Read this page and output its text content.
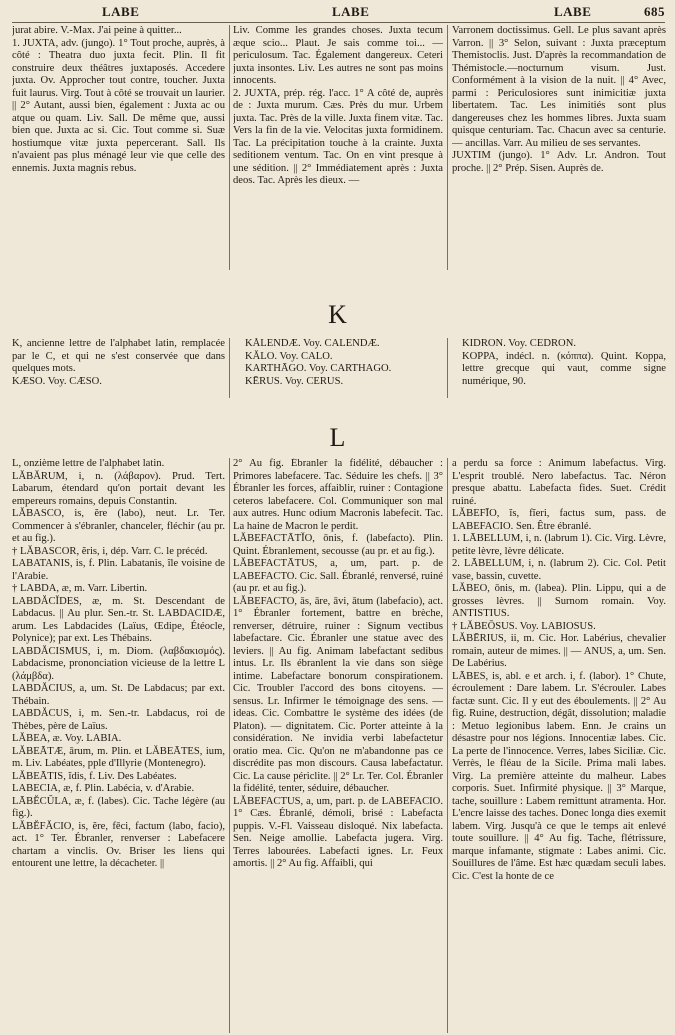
LABE	LABE	LABE	685

jurat abire. V.-Max. J'ai peine à quitter...

1. JUXTA, adv. (jungo). 1° Tout proche, auprès, à côté : Theatra duo juxta fecit. Plin. Il fit construire deux théâtres juxtaposés. Accedere juxta. Ov. Approcher tout contre, toucher. Juxta fuit laurus. Virg. Tout à côté se trouvait un laurier. || 2° Autant, aussi bien, également : Juxta ac ou atque ou quam. Liv. Sall. De même que, aussi bien que. Juxta ac si. Cic. Tout comme si. Suæ hostiumque vitæ juxta pepercerant. Sall. Ils n'avaient pas plus ménagé leur vie que celle des ennemis. Juxta magnis rebus.

Liv. Comme les grandes choses. Juxta tecum æque scio... Plaut. Je sais comme toi... — periculosum. Tac. Également dangereux. Ceteri juxta insontes. Liv. Les autres ne sont pas moins innocents.

2. JUXTA, prép. rég. l'acc. 1° A côté de, auprès de : Juxta murum. Cæs. Près du mur. Urbem juxta. Tac. Près de la ville. Juxta finem vitæ. Tac. Vers la fin de la vie. Velocitas juxta formidinem. Tac. La précipitation touche à la crainte. Juxta seditionem ventum. Tac. On en vint presque à une sédition. || 2° Immédiatement après : Juxta deos. Tac. Après les dieux. —

Varronem doctissimus. Gell. Le plus savant après Varron. || 3° Selon, suivant : Juxta præceptum Themistoclis. Just. D'après la recommandation de Thémistocle.—nocturnum visum. Just. Conformément à la vision de la nuit. || 4° Avec, parmi : Periculosiores sunt inimicitiæ juxta libertatem. Tac. Les inimitiés sont plus dangereuses chez les hommes libres. Juxta suam quisque centuriam. Tac. Chacun avec sa centurie. — ancillas. Varr. Au milieu de ses servantes.

JUXTIM (jungo). 1° Adv. Lr. Andron. Tout proche. || 2° Prép. Sisen. Auprès de.

K

K, ancienne lettre de l'alphabet latin, remplacée par le C, et qui ne s'est conservée que dans quelques mots.

KÆSO. Voy. CÆSO.

KĂLENDÆ. Voy. CALENDÆ.

KĂLO. Voy. CALO.

KARTHĀGO. Voy. CARTHAGO.

KĒRUS. Voy. CERUS.

KIDRON. Voy. CEDRON.

KOPPA, indécl. n. (κόππα). Quint. Koppa, lettre grecque qui vaut, comme signe numérique, 90.

L

L, onzième lettre de l'alphabet latin.

LĂBĂRUM, i, n. (λάβαρον). Prud. Tert. Labarum, étendard qu'on portait devant les empereurs romains, depuis Constantin.

LĂBASCO, is, ĕre (labo), neut. Lr. Ter. Commencer à s'ébranler, chanceler, fléchir (au pr. et au fig.).

† LĂBASCOR, ĕris, i, dép. Varr. C. le précéd.

LABATANIS, is, f. Plin. Labatanis, île voisine de l'Arabie.

† LABDA, æ, m. Varr. Libertin.

LABDĂCĬDES, æ, m. St. Descendant de Labdacus. || Au plur. Sen.-tr. St. LABDACIDÆ, arum. Les Labdacides (Laïus, Œdipe, Étéocle, Polynice); par ext. Les Thébains.

LABDĂCISMUS, i, m. Diom. (λαβδακισμός). Labdacisme, prononciation vicieuse de la lettre L (λάμβδα).

LABDĂCIUS, a, um. St. De Labdacus; par ext. Thébain.

LABDĂCUS, i, m. Sen.-tr. Labdacus, roi de Thèbes, père de Laïus.

LĂBEA, æ. Voy. LABIA.

LĂBEĀTÆ, ārum, m. Plin. et LĂBEĀTES, ium, m. Liv. Labéates, pple d'Illyrie (Montenegro).

LĂBEĀTIS, ĭdis, f. Liv. Des Labéates.

LABECIA, æ, f. Plin. Labécia, v. d'Arabie.

LĀBĔCŬLA, æ, f. (labes). Cic. Tache légère (au fig.).

LĂBĔFĂCIO, is, ĕre, fēci, factum (labo, facio), act. 1° Ter. Ébranler, renverser : Labefacere chartam a vinclis. Ov. Briser les liens qui entourent une lettre, la décacheter. ||

2° Au fig. Ébranler la fidélité, débaucher : Primores labefacere. Tac. Séduire les chefs. || 3° Ébranler les forces, affaiblir, ruiner : Contagione ceteros labefacere. Col. Communiquer son mal aux autres. Hunc odium Macronis labefecit. Tac. La haine de Macron le perdit.

LĂBEFACTĀTĬO, ōnis, f. (labefacto). Plin. Quint. Ébranlement, secousse (au pr. et au fig.).

LĂBEFACTĀTUS, a, um, part. p. de LABEFACTO. Cic. Sall. Ébranlé, renversé, ruiné (au pr. et au fig.).

LĂBEFACTO, ās, āre, āvi, ātum (labefacio), act. 1° Ébranler fortement, battre en brèche, renverser, détruire, ruiner : Signum vectibus labefactare. Cic. Ébranler une statue avec des leviers. || Au fig. Animam labefactant sedibus intus. Lr. Ils ébranlent la vie dans son siège intime. Labefactare bonorum conspirationem. Cic. Troubler l'accord des bons citoyens. — sensus. Lr. Infirmer le témoignage des sens. — ideas. Cic. Combattre le système des idées (de Platon). — dignitatem. Cic. Porter atteinte à la considération. Ne invidia verbi labefactetur oratio mea. Cic. Qu'on ne m'abandonne pas ce discrédite pas mon discours. Causa labefactatur. Cic. La cause périclite. || 2° Lr. Ter. Col. Ébranler la fidélité, tenter, séduire, débaucher.

LĂBEFACTUS, a, um, part. p. de LABEFACIO. 1° Cæs. Ébranlé, démoli, brisé : Labefacta puppis. V.-Fl. Vaisseau disloqué. Nix labefacta. Sen. Neige amollie. Labefacta jugera. Virg. Terres labourées. Labefacti ignes. Lr. Feux amortis. || 2° Au fig. Affaibli, qui

a perdu sa force : Animum labefactus. Virg. L'esprit troublé. Nero labefactus. Tac. Néron presque abattu. Labefacta fides. Suet. Crédit ruiné.

LĂBEFĪO, ĭs, fĭeri, factus sum, pass. de LABEFACIO. Sen. Être ébranlé.

1. LĀBELLUM, i, n. (labrum 1). Cic. Virg. Lèvre, petite lèvre, lèvre délicate.

2. LĀBELLUM, i, n. (labrum 2). Cic. Col. Petit vase, bassin, cuvette.

LĂBEO, ōnis, m. (labea). Plin. Lippu, qui a de grosses lèvres. || Surnom romain. Voy. ANTISTIUS.

† LĂBEŌSUS. Voy. LABIOSUS.

LĂBĒRIUS, ii, m. Cic. Hor. Labérius, chevalier romain, auteur de mimes. || — ANUS, a, um. Sen. De Labérius.

LĀBES, is, abl. e et arch. i, f. (labor). 1° Chute, écroulement : Dare labem. Lr. S'écrouler. Labes factæ sunt. Cic. Il y eut des éboulements. || 2° Au fig. Ruine, destruction, dégât, dissolution; maladie : Metuo legionibus labem. Enn. Je crains un désastre pour nos légions. Innocentiæ labes. Cic. La perte de l'innocence. Verres, labes Siciliæ. Cic. Verrès, le fléau de la Sicile. Prima mali labes. Virg. La première atteinte du malheur. Labes corporis. Suet. Infirmité physique. || 3° Marque, tache, souillure : Labem remittunt atramenta. Hor. L'encre laisse des taches. Donec longa dies exemit labem. Virg. Jusqu'à ce que le temps ait enlevé toute souillure. || 4° Au fig. Tache, flétrissure, marque infamante, stigmate : Labes animi. Cic. Souillures de l'âme. Est hæc quædam seculi labes. Cic. C'est la honte de ce
